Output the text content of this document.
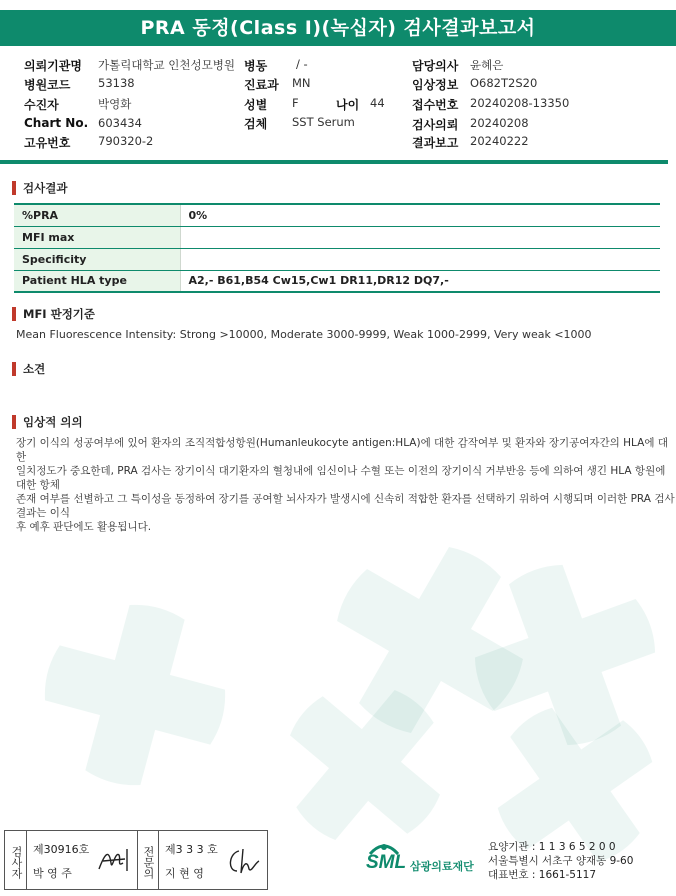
PRA 동정(Class I)(녹십자) 검사결과보고서
의뢰기관명 가톨릭대학교 인천성모병원 병동	/ -	담당의사 윤혜은
병원코드 53138	진료과 MN	임상정보 O682T2S20
수진자	박영화	성별 F	나이 44 접수번호 20240208-13350
Chart No. 603434	검체 SST Serum	검사의뢰 20240208
고유번호 790320-2	결과보고 20240222
검사결과
%PRA	0%
MFI max	
Specificity	
Patient HLA type	A2,- B61,B54 Cw15,Cw1 DR11,DR12 DQ7,-
MFI 판정기준
Mean Fluorescence Intensity: Strong >10000, Moderate 3000-9999, Weak 1000-2999, Very weak <1000
소견
임상적 의의
장기 이식의 성공여부에 있어 환자의 조직적합성항원(Humanleukocyte antigen:HLA)에 대한 감작여부 및 환자와 장기공여자간의 HLA에 대한
일치정도가 중요한데, PRA 검사는 장기이식 대기환자의 혈청내에 임신이나 수혈 또는 이전의 장기이식 거부반응 등에 의하여 생긴 HLA 항원에 대한 항체
존재 여부를 선별하고 그 특이성을 동정하여 장기를 공여할 뇌사자가 발생시에 신속히 적합한 환자를 선택하기 위하여 시행되며 이러한 PRA 검사결과는 이식
후 예후 판단에도 활용됩니다.
검사자 제30916호
박 영 주	전문의 제3 3 3 호
지 현 영
SML 삼광의료재단
요양기관 : 1 1 3 6 5 2 0 0
서울특별시 서초구 양재동 9-60
대표번호 : 1661-5117
